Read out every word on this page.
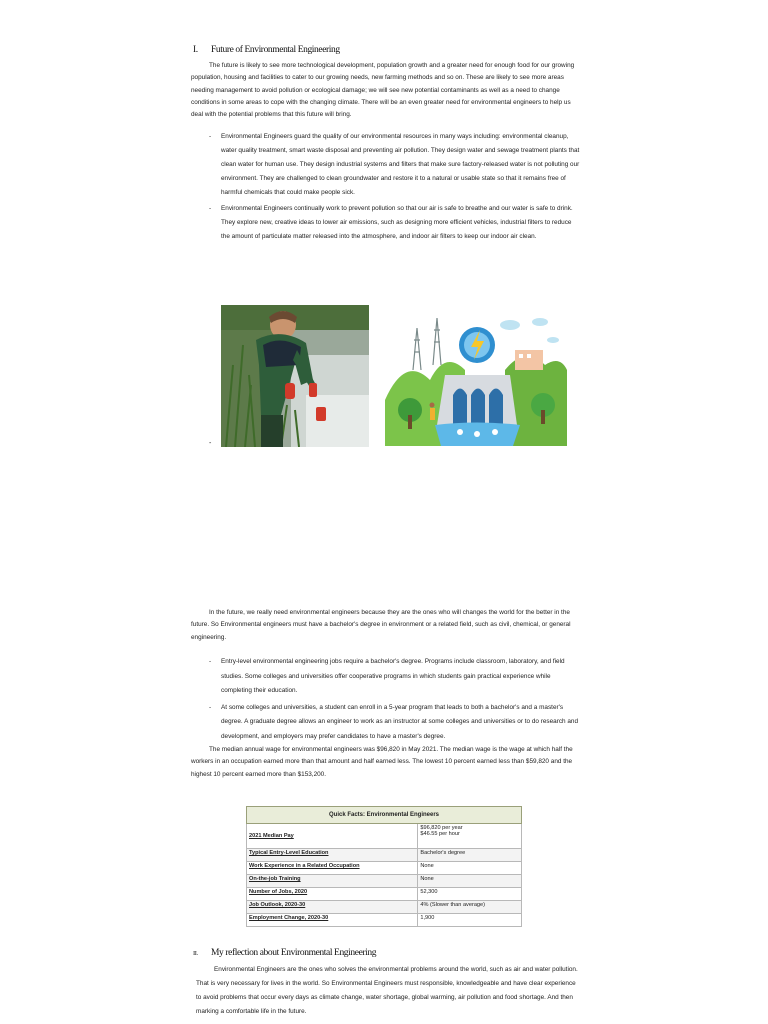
I. Future of Environmental Engineering

The future is likely to see more technological development, population growth and a greater need for enough food for our growing population, housing and facilities to cater to our growing needs, new farming methods and so on. These are likely to see more areas needing management to avoid pollution or ecological damage; we will see new potential contaminants as well as a need to change conditions in some areas to cope with the changing climate. There will be an even greater need for environmental engineers to help us deal with the potential problems that this future will bring.

- Environmental Engineers guard the quality of our environmental resources in many ways including: environmental cleanup, water quality treatment, smart waste disposal and preventing air pollution. They design water and sewage treatment plants that clean water for human use. They design industrial systems and filters that make sure factory-released water is not polluting our environment. They are challenged to clean groundwater and restore it to a natural or usable state so that it remains free of harmful chemicals that could make people sick.
- Environmental Engineers continually work to prevent pollution so that our air is safe to breathe and our water is safe to drink. They explore new, creative ideas to lower air emissions, such as designing more efficient vehicles, industrial filters to reduce the amount of particulate matter released into the atmosphere, and indoor air filters to keep our indoor air clean.
-

In the future, we really need environmental engineers because they are the ones who will changes the world for the better in the future. So Environmental engineers must have a bachelor's degree in environment or a related field, such as civil, chemical, or general engineering.

- Entry-level environmental engineering jobs require a bachelor's degree. Programs include classroom, laboratory, and field studies. Some colleges and universities offer cooperative programs in which students gain practical experience while completing their education.
- At some colleges and universities, a student can enroll in a 5-year program that leads to both a bachelor's and a master's degree. A graduate degree allows an engineer to work as an instructor at some colleges and universities or to do research and development, and employers may prefer candidates to have a master's degree.

The median annual wage for environmental engineers was $96,820 in May 2021. The median wage is the wage at which half the workers in an occupation earned more than that amount and half earned less. The lowest 10 percent earned less than $59,820 and the highest 10 percent earned more than $153,200.

Quick Facts: Environmental Engineers	
2021 Median Pay	$96,820 per year
$46.55 per hour

Typical Entry-Level Education	Bachelor's degree
Work Experience in a Related Occupation	None
On-the-job Training	None
Number of Jobs, 2020	52,300
Job Outlook, 2020-30	4% (Slower than average)
Employment Change, 2020-30	1,900
II. My reflection about Environmental Engineering

Environmental Engineers are the ones who solves the environmental problems around the world, such as air and water pollution. That is very necessary for lives in the world. So Environmental Engineers must responsible, knowledgeable and have clear experience to avoid problems that occur every days as climate change, water shortage, global warming, air pollution and food shortage. And then marking a comfortable life in the future.
